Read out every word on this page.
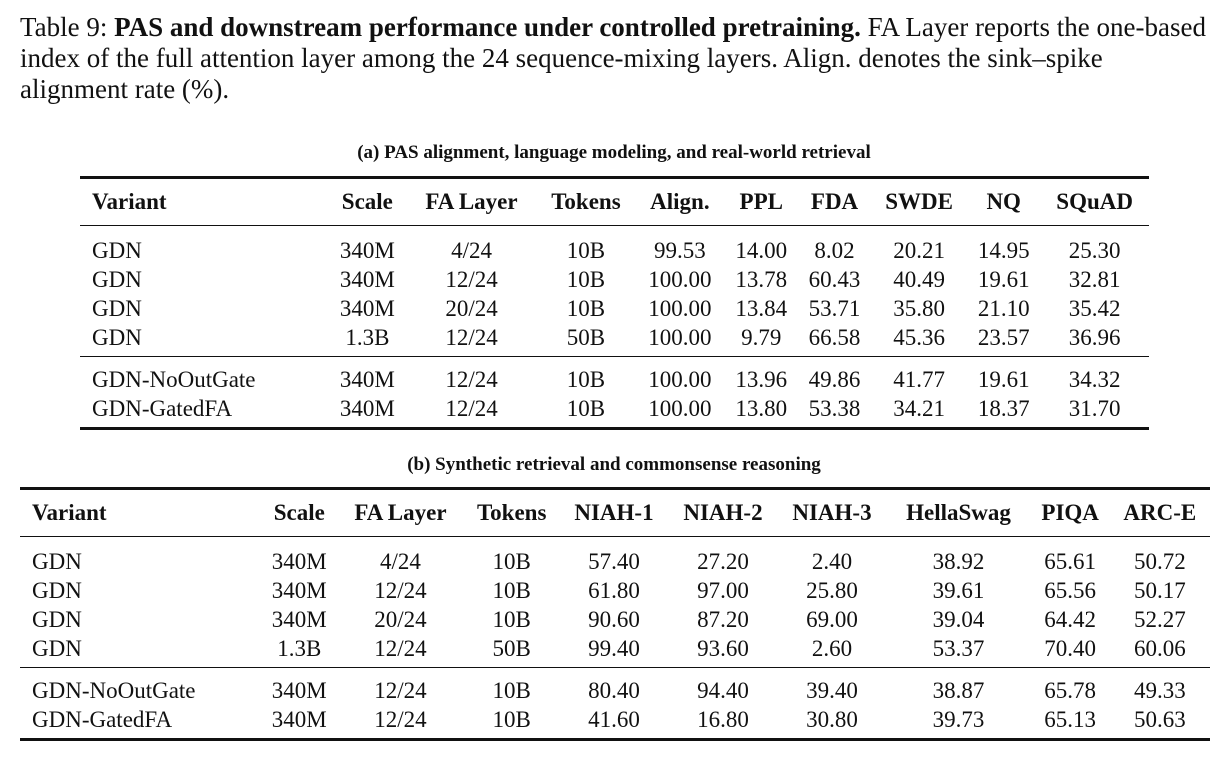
Table 9: PAS and downstream performance under controlled pretraining. FA Layer reports the one-based index of the full attention layer among the 24 sequence-mixing layers. Align. denotes the sink–spike alignment rate (%).

(a) PAS alignment, language modeling, and real-world retrieval
Variant	Scale	FA Layer	Tokens	Align.	PPL	FDA	SWDE	NQ	SQuAD
GDN	340M	4/24	10B	99.53	14.00	8.02	20.21	14.95	25.30
GDN	340M	12/24	10B	100.00	13.78	60.43	40.49	19.61	32.81
GDN	340M	20/24	10B	100.00	13.84	53.71	35.80	21.10	35.42
GDN	1.3B	12/24	50B	100.00	9.79	66.58	45.36	23.57	36.96
GDN-NoOutGate	340M	12/24	10B	100.00	13.96	49.86	41.77	19.61	34.32
GDN-GatedFA	340M	12/24	10B	100.00	13.80	53.38	34.21	18.37	31.70
(b) Synthetic retrieval and commonsense reasoning
Variant	Scale	FA Layer	Tokens	NIAH-1	NIAH-2	NIAH-3	HellaSwag	PIQA	ARC-E
GDN	340M	4/24	10B	57.40	27.20	2.40	38.92	65.61	50.72
GDN	340M	12/24	10B	61.80	97.00	25.80	39.61	65.56	50.17
GDN	340M	20/24	10B	90.60	87.20	69.00	39.04	64.42	52.27
GDN	1.3B	12/24	50B	99.40	93.60	2.60	53.37	70.40	60.06
GDN-NoOutGate	340M	12/24	10B	80.40	94.40	39.40	38.87	65.78	49.33
GDN-GatedFA	340M	12/24	10B	41.60	16.80	30.80	39.73	65.13	50.63
